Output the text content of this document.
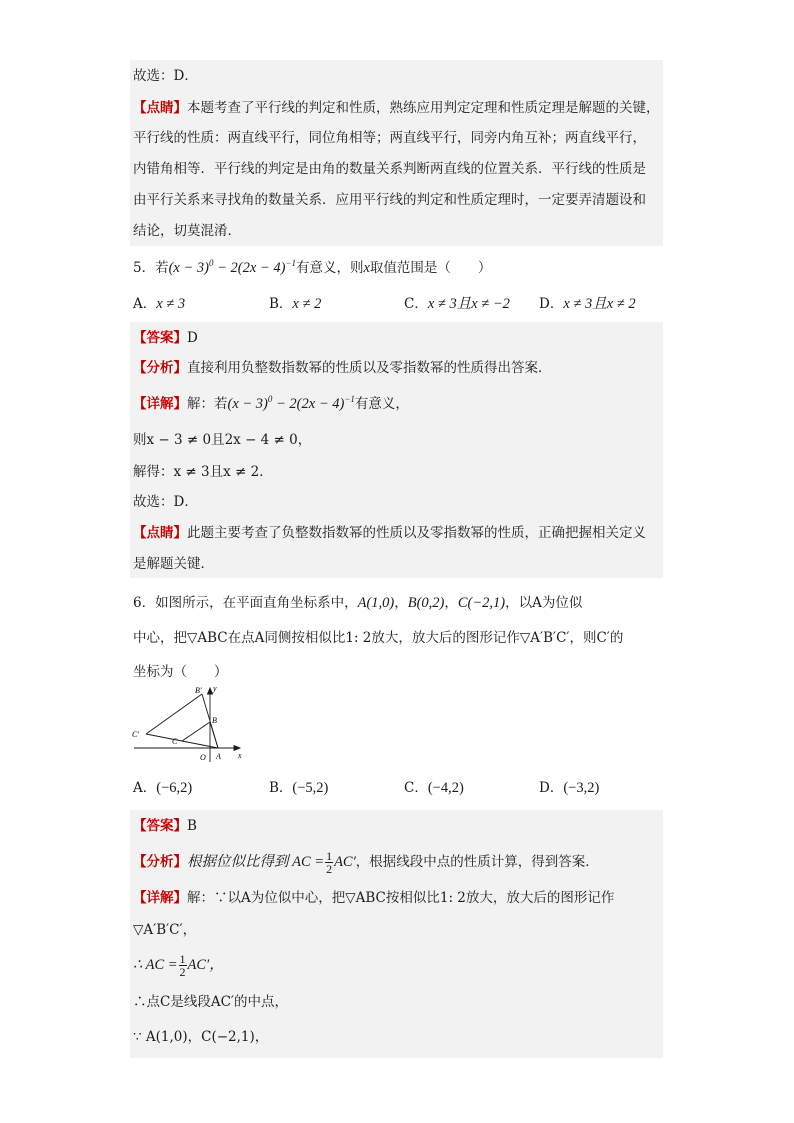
故选：D．
【点睛】本题考查了平行线的判定和性质，熟练应用判定定理和性质定理是解题的关键，
平行线的性质：两直线平行，同位角相等；两直线平行，同旁内角互补；两直线平行，
内错角相等．平行线的判定是由角的数量关系判断两直线的位置关系．平行线的性质是
由平行关系来寻找角的数量关系．应用平行线的判定和性质定理时，一定要弄清题设和
结论，切莫混淆．
5．若$(x - 3)^0 - 2(2x - 4)^{-1}$有意义，则x取值范围是（　　）
A．x ≠ 3	B．x ≠ 2	C．x ≠ 3且x ≠ −2 D．x ≠ 3且x ≠ 2
【答案】D
【分析】直接利用负整数指数幂的性质以及零指数幂的性质得出答案．
【详解】解：若$(x - 3)^0 - 2(2x - 4)^{-1}$有意义，
则x − 3 ≠ 0且2x − 4 ≠ 0，
解得：x ≠ 3且x ≠ 2．
故选：D．
【点睛】此题主要考查了负整数指数幂的性质以及零指数幂的性质，正确把握相关定义
是解题关键．
6．如图所示，在平面直角坐标系中，A(1,0)，B(0,2)，C(−2,1)，以A为位似
中心，把▽ABC在点A同侧按相似比1: 2放大，放大后的图形记作▽A′B′C′，则C′的
坐标为（　　）
B′ y
B
C′
C
O A x
A．(−6,2)	B．(−5,2)	C．(−4,2)	D．(−3,2)
【答案】B
【分析】根据位似比得到 AC = $\frac{1}{2} AC'$，根据线段中点的性质计算，得到答案．
【详解】解：∵以A为位似中心，把▽ABC按相似比1: 2放大，放大后的图形记作
▽A′B′C′，
∴ AC = $\frac{1}{2} AC'$，
∴点C是线段AC′的中点，
∵ A(1,0)，C(−2,1)，
